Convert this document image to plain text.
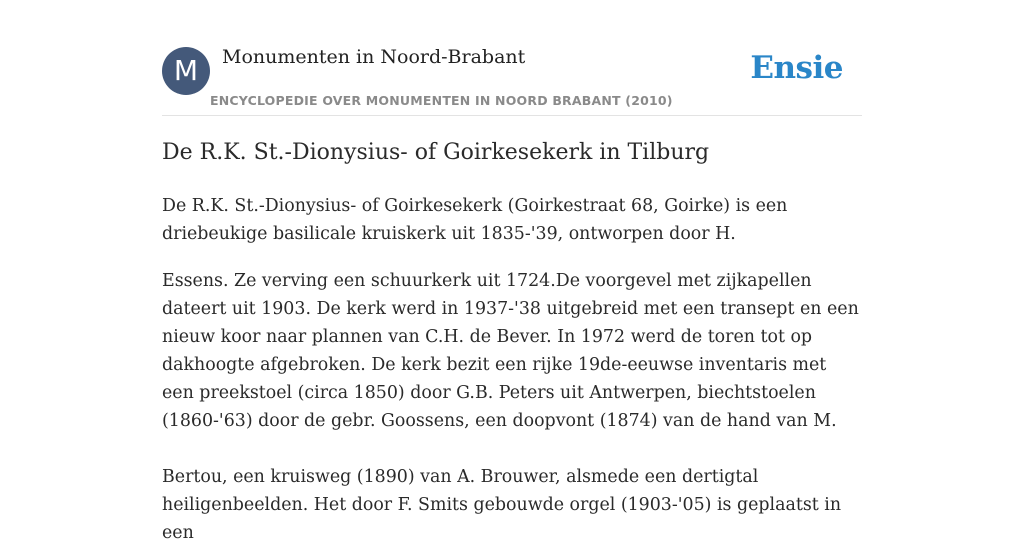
M	Monumenten in Noord-Brabant
ENCYCLOPEDIE OVER MONUMENTEN IN NOORD BRABANT (2010)
Ensie
De R.K. St.-Dionysius- of Goirkesekerk in Tilburg

De R.K. St.-Dionysius- of Goirkesekerk (Goirkestraat 68, Goirke) is een driebeukige basilicale kruiskerk uit 1835-'39, ontworpen door H.

Essens. Ze verving een schuurkerk uit 1724.De voorgevel met zijkapellen dateert uit 1903. De kerk werd in 1937-'38 uitgebreid met een transept en een nieuw koor naar plannen van C.H. de Bever. In 1972 werd de toren tot op dakhoogte afgebroken. De kerk bezit een rijke 19de-eeuwse inventaris met een preekstoel (circa 1850) door G.B. Peters uit Antwerpen, biechtstoelen (1860-'63) door de gebr. Goossens, een doopvont (1874) van de hand van M.

Bertou, een kruisweg (1890) van A. Brouwer, alsmede een dertigtal heiligenbeelden. Het door F. Smits gebouwde orgel (1903-'05) is geplaatst in een
